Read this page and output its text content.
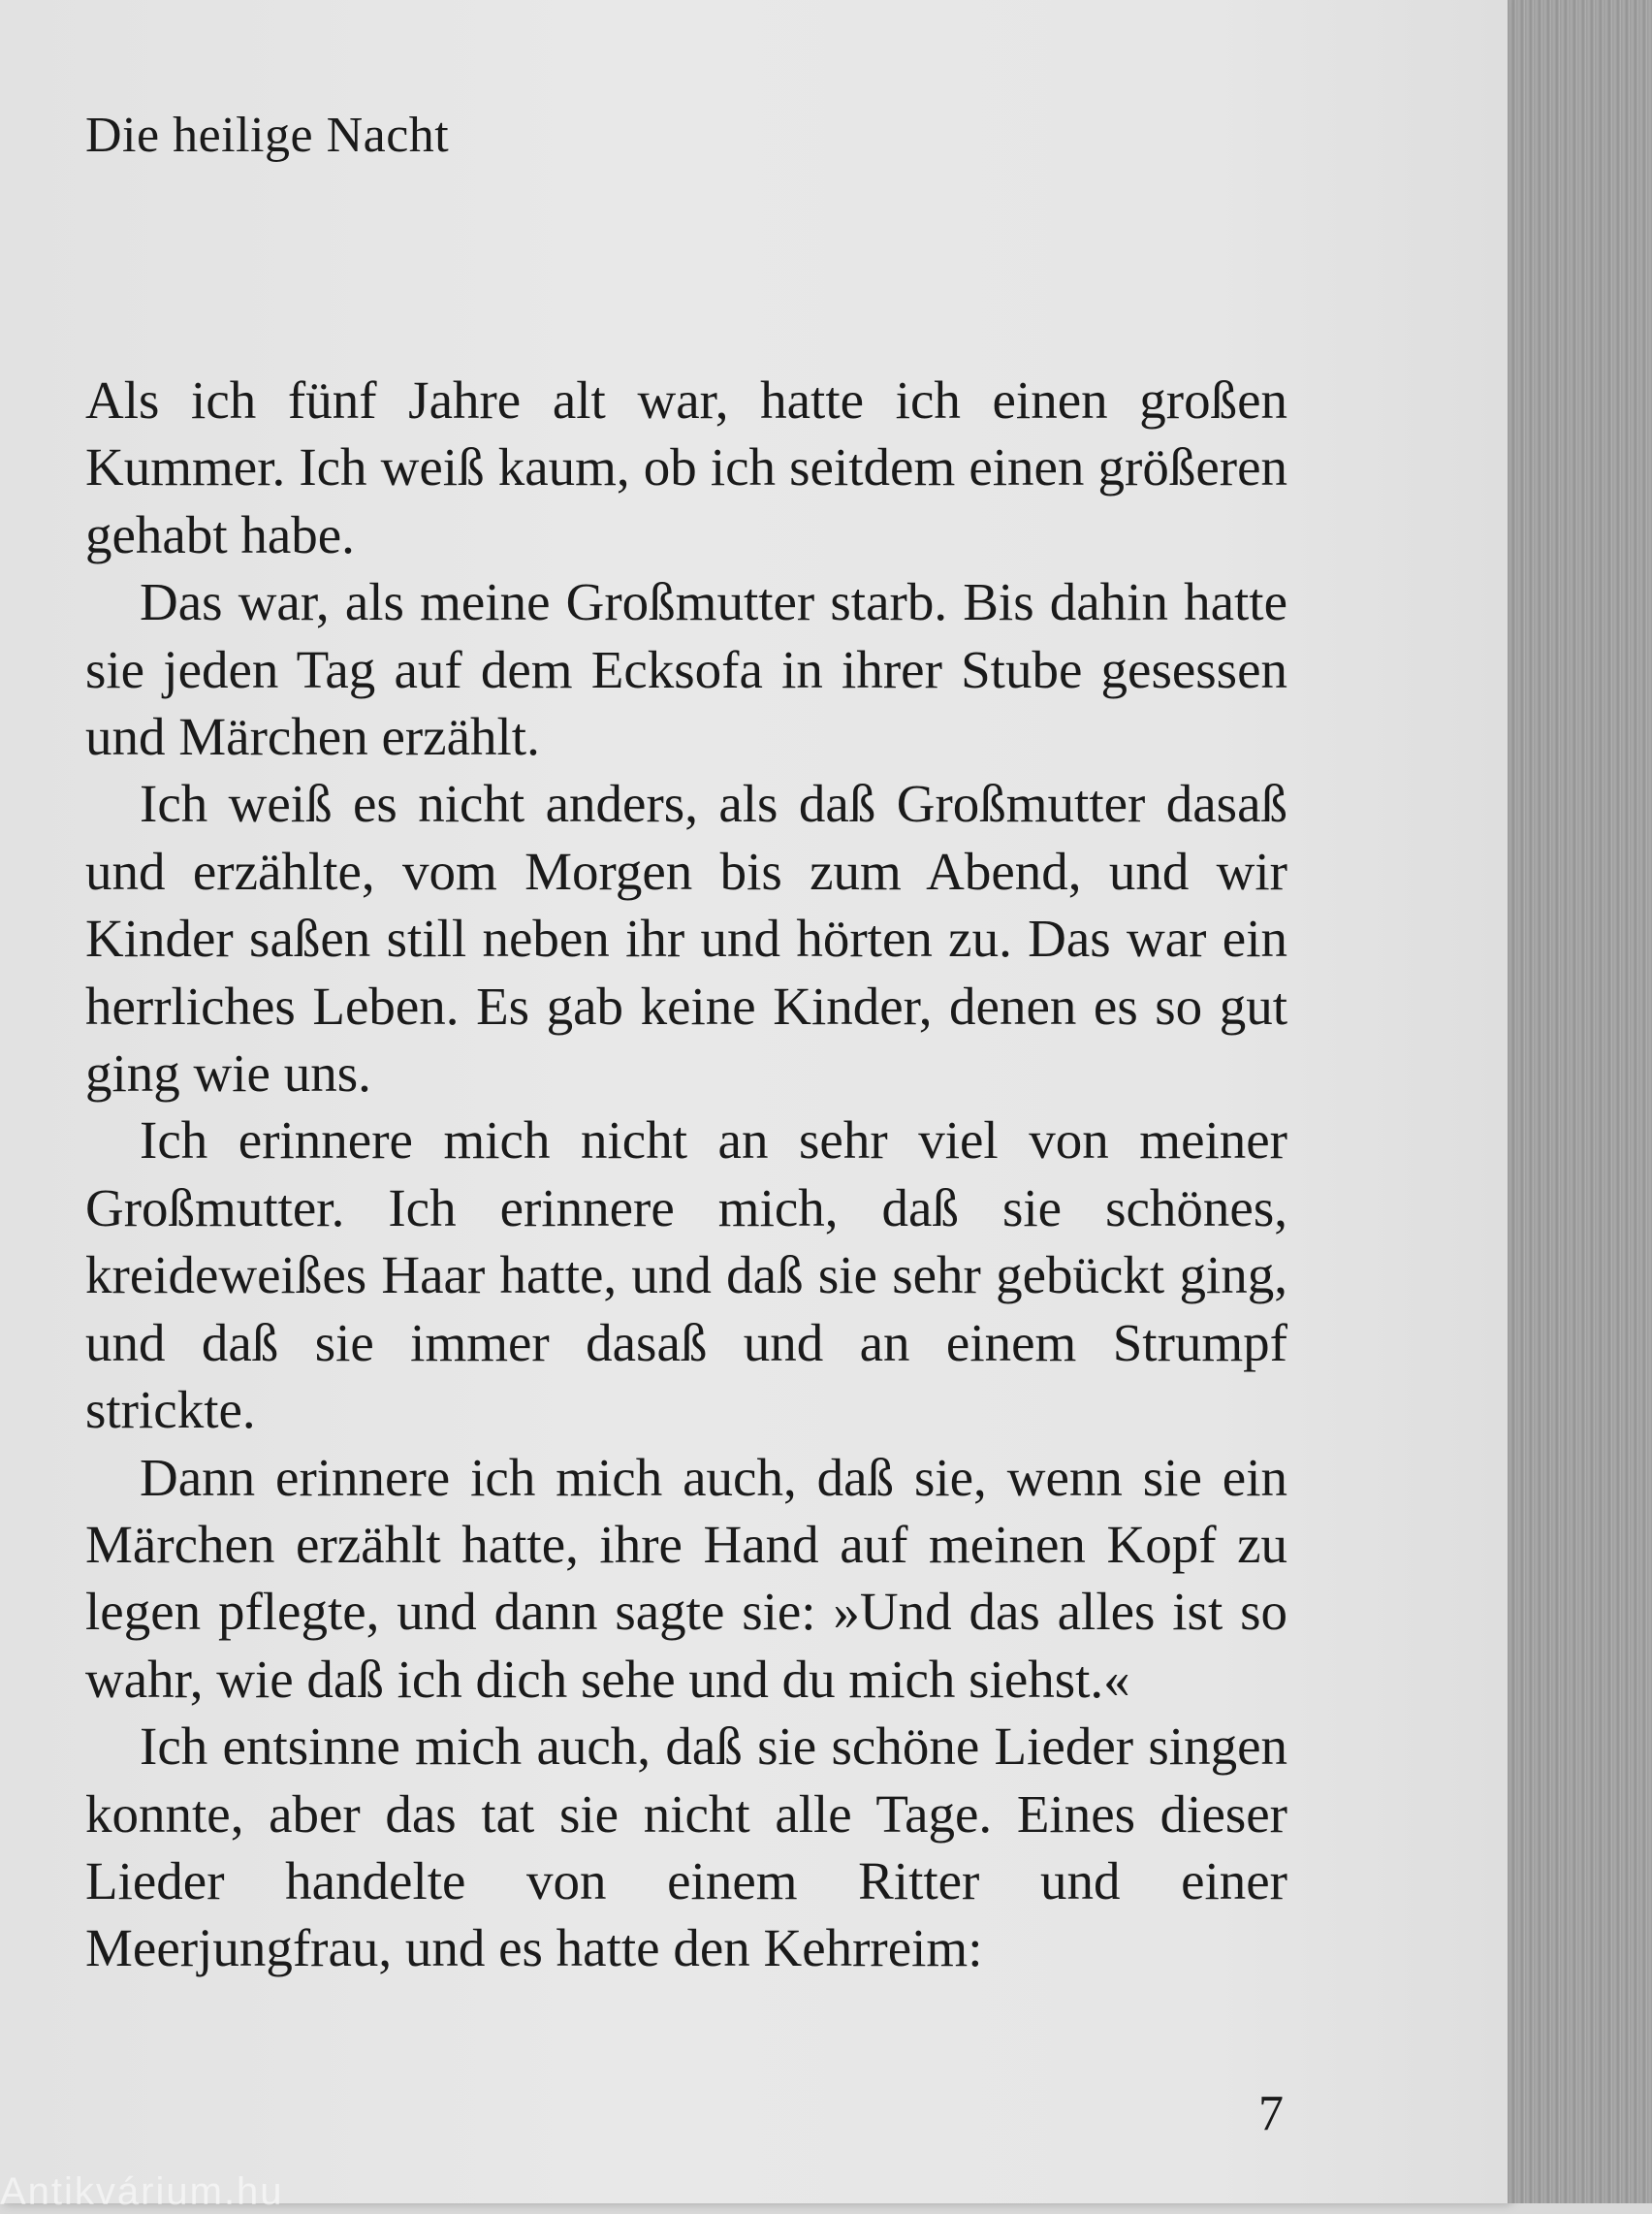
Die heilige Nacht

Als ich fünf Jahre alt war, hatte ich einen großen Kummer. Ich weiß kaum, ob ich seitdem einen größeren gehabt habe.

Das war, als meine Großmutter starb. Bis dahin hatte sie jeden Tag auf dem Ecksofa in ihrer Stube gesessen und Märchen erzählt.

Ich weiß es nicht anders, als daß Großmutter dasaß und erzählte, vom Morgen bis zum Abend, und wir Kinder saßen still neben ihr und hörten zu. Das war ein herrliches Leben. Es gab keine Kinder, denen es so gut ging wie uns.

Ich erinnere mich nicht an sehr viel von meiner Großmutter. Ich erinnere mich, daß sie schönes, kreideweißes Haar hatte, und daß sie sehr gebückt ging, und daß sie immer dasaß und an einem Strumpf strickte.

Dann erinnere ich mich auch, daß sie, wenn sie ein Märchen erzählt hatte, ihre Hand auf meinen Kopf zu legen pflegte, und dann sagte sie: »Und das alles ist so wahr, wie daß ich dich sehe und du mich siehst.«

Ich entsinne mich auch, daß sie schöne Lieder singen konnte, aber das tat sie nicht alle Tage. Eines dieser Lieder handelte von einem Ritter und einer Meerjungfrau, und es hatte den Kehrreim:

7
Antikvárium.hu
